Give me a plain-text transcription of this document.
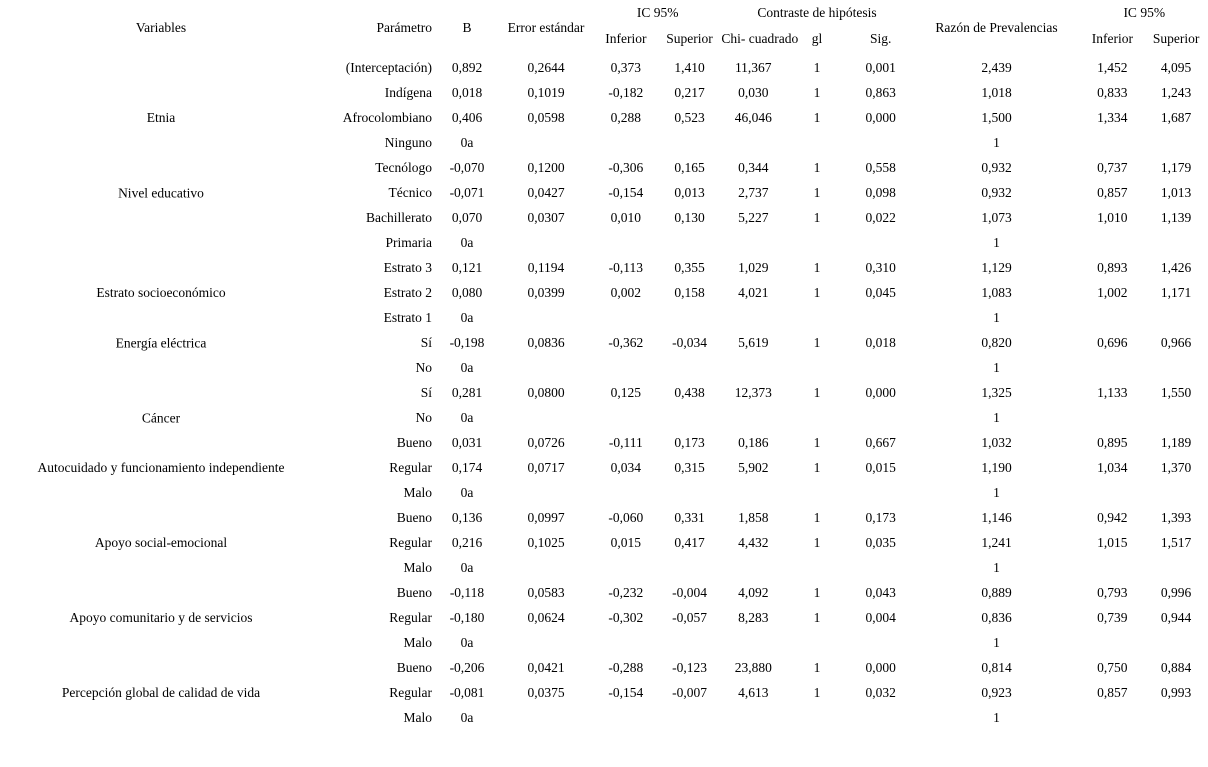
Variables	Parámetro	B	Error estándar	IC 95%		Contraste de hipótesis			Razón de Prevalencias	IC 95%	
				Inferior	Superior	Chi- cuadrado	gl	Sig.		Inferior	Superior

	(Interceptación)	0,892	0,2644	0,373	1,410	11,367	1	0,001	2,439	1,452	4,095

Etnia	Indígena	0,018	0,1019	-0,182	0,217	0,030	1	0,863	1,018	0,833	1,243
	Afrocolombiano	0,406	0,0598	0,288	0,523	46,046	1	0,000	1,500	1,334	1,687
	Ninguno	0a							1		

Nivel educativo	Tecnólogo	-0,070	0,1200	-0,306	0,165	0,344	1	0,558	0,932	0,737	1,179
	Técnico	-0,071	0,0427	-0,154	0,013	2,737	1	0,098	0,932	0,857	1,013
	Bachillerato	0,070	0,0307	0,010	0,130	5,227	1	0,022	1,073	1,010	1,139
	Primaria	0a							1		

Estrato socioeconómico	Estrato 3	0,121	0,1194	-0,113	0,355	1,029	1	0,310	1,129	0,893	1,426
	Estrato 2	0,080	0,0399	0,002	0,158	4,021	1	0,045	1,083	1,002	1,171
	Estrato 1	0a							1		

Energía eléctrica	Sí	-0,198	0,0836	-0,362	-0,034	5,619	1	0,018	0,820	0,696	0,966
	No	0a							1		

Cáncer	Sí	0,281	0,0800	0,125	0,438	12,373	1	0,000	1,325	1,133	1,550
	No	0a							1		

Autocuidado y funcionamiento independiente	Bueno	0,031	0,0726	-0,111	0,173	0,186	1	0,667	1,032	0,895	1,189
	Regular	0,174	0,0717	0,034	0,315	5,902	1	0,015	1,190	1,034	1,370
	Malo	0a							1		

Apoyo social-emocional	Bueno	0,136	0,0997	-0,060	0,331	1,858	1	0,173	1,146	0,942	1,393
	Regular	0,216	0,1025	0,015	0,417	4,432	1	0,035	1,241	1,015	1,517
	Malo	0a							1		

Apoyo comunitario y de servicios	Bueno	-0,118	0,0583	-0,232	-0,004	4,092	1	0,043	0,889	0,793	0,996
	Regular	-0,180	0,0624	-0,302	-0,057	8,283	1	0,004	0,836	0,739	0,944
	Malo	0a							1		

Percepción global de calidad de vida	Bueno	-0,206	0,0421	-0,288	-0,123	23,880	1	0,000	0,814	0,750	0,884
	Regular	-0,081	0,0375	-0,154	-0,007	4,613	1	0,032	0,923	0,857	0,993
	Malo	0a							1		
